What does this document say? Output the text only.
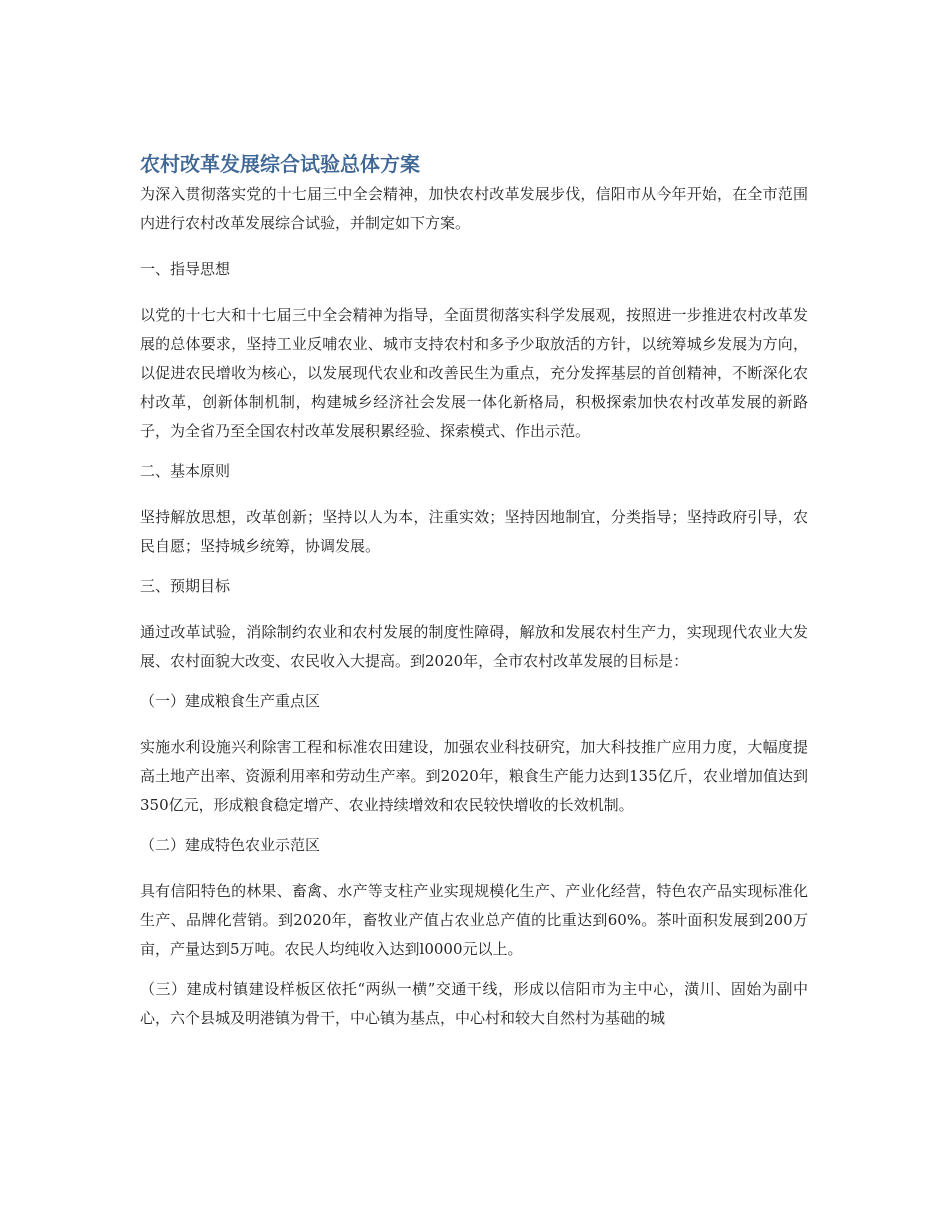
农村改革发展综合试验总体方案

为深入贯彻落实党的十七届三中全会精神，加快农村改革发展步伐，信阳市从今年开始，在全市范围内进行农村改革发展综合试验，并制定如下方案。

一、指导思想

以党的十七大和十七届三中全会精神为指导，全面贯彻落实科学发展观，按照进一步推进农村改革发展的总体要求，坚持工业反哺农业、城市支持农村和多予少取放活的方针，以统筹城乡发展为方向，以促进农民增收为核心，以发展现代农业和改善民生为重点，充分发挥基层的首创精神，不断深化农村改革，创新体制机制，构建城乡经济社会发展一体化新格局，积极探索加快农村改革发展的新路子，为全省乃至全国农村改革发展积累经验、探索模式、作出示范。

二、基本原则

坚持解放思想，改革创新；坚持以人为本，注重实效；坚持因地制宜，分类指导；坚持政府引导，农民自愿；坚持城乡统筹，协调发展。

三、预期目标

通过改革试验，消除制约农业和农村发展的制度性障碍，解放和发展农村生产力，实现现代农业大发展、农村面貌大改变、农民收入大提高。到2020年，全市农村改革发展的目标是：

（一）建成粮食生产重点区

实施水利设施兴利除害工程和标准农田建设，加强农业科技研究，加大科技推广应用力度，大幅度提高土地产出率、资源利用率和劳动生产率。到2020年，粮食生产能力达到135亿斤，农业增加值达到350亿元，形成粮食稳定增产、农业持续增效和农民较快增收的长效机制。

（二）建成特色农业示范区

具有信阳特色的林果、畜禽、水产等支柱产业实现规模化生产、产业化经营，特色农产品实现标准化生产、品牌化营销。到2020年，畜牧业产值占农业总产值的比重达到60%。茶叶面积发展到200万亩，产量达到5万吨。农民人均纯收入达到l0000元以上。

（三）建成村镇建设样板区依托“两纵一横”交通干线，形成以信阳市为主中心，潢川、固始为副中心，六个县城及明港镇为骨干，中心镇为基点，中心村和较大自然村为基础的城
